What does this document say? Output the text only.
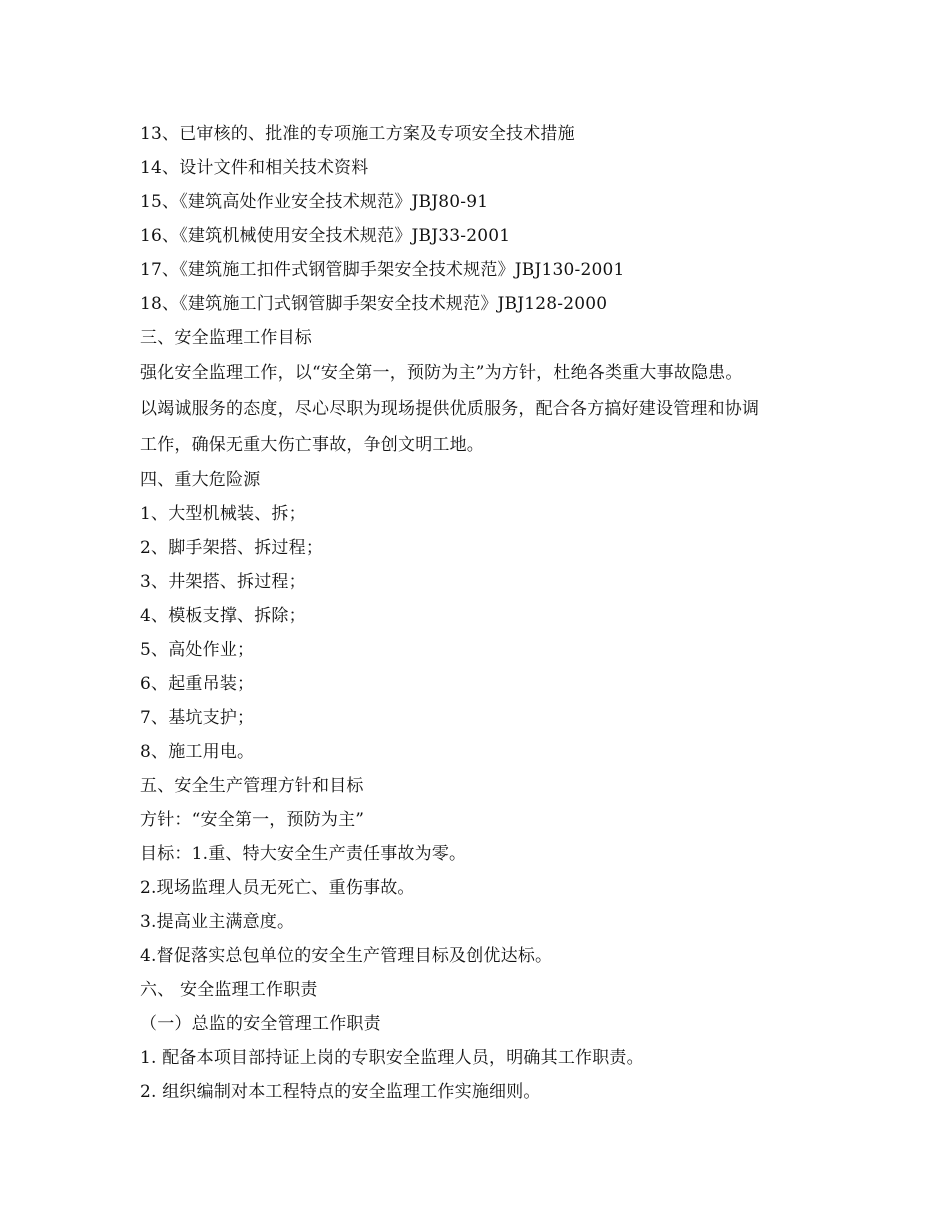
13、已审核的、批准的专项施工方案及专项安全技术措施
14、设计文件和相关技术资料
15、《建筑高处作业安全技术规范》JBJ80-91
16、《建筑机械使用安全技术规范》JBJ33-2001
17、《建筑施工扣件式钢管脚手架安全技术规范》JBJ130-2001
18、《建筑施工门式钢管脚手架安全技术规范》JBJ128-2000
三、安全监理工作目标
强化安全监理工作，以“安全第一，预防为主”为方针，杜绝各类重大事故隐患。
以竭诚服务的态度，尽心尽职为现场提供优质服务，配合各方搞好建设管理和协调
工作，确保无重大伤亡事故，争创文明工地。
四、重大危险源
1、大型机械装、拆；
2、脚手架搭、拆过程；
3、井架搭、拆过程；
4、模板支撑、拆除；
5、高处作业；
6、起重吊装；
7、基坑支护；
8、施工用电。
五、安全生产管理方针和目标
方针：“安全第一，预防为主”
目标：1.重、特大安全生产责任事故为零。
2.现场监理人员无死亡、重伤事故。
3.提高业主满意度。
4.督促落实总包单位的安全生产管理目标及创优达标。
六、 安全监理工作职责
（一）总监的安全管理工作职责
1. 配备本项目部持证上岗的专职安全监理人员，明确其工作职责。
2. 组织编制对本工程特点的安全监理工作实施细则。
